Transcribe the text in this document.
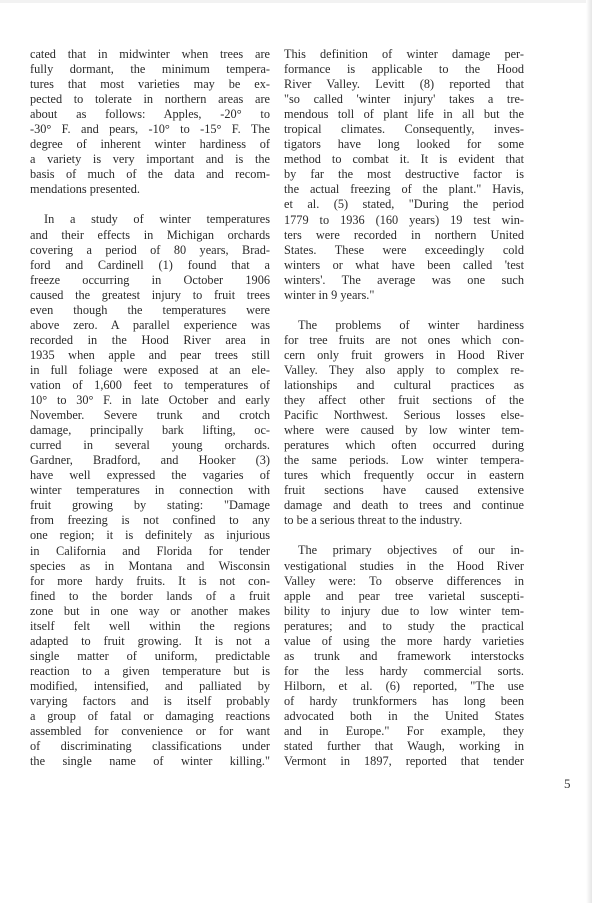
cated that in midwinter when trees are
fully dormant, the minimum tempera-
tures that most varieties may be ex-
pected to tolerate in northern areas are
about as follows: Apples, -20° to
-30° F. and pears, -10° to -15° F. The
degree of inherent winter hardiness of
a variety is very important and is the
basis of much of the data and recom-
mendations presented.
In a study of winter temperatures
and their effects in Michigan orchards
covering a period of 80 years, Brad-
ford and Cardinell (1) found that a
freeze occurring in October 1906
caused the greatest injury to fruit trees
even though the temperatures were
above zero. A parallel experience was
recorded in the Hood River area in
1935 when apple and pear trees still
in full foliage were exposed at an ele-
vation of 1,600 feet to temperatures of
10° to 30° F. in late October and early
November. Severe trunk and crotch
damage, principally bark lifting, oc-
curred in several young orchards.
Gardner, Bradford, and Hooker (3)
have well expressed the vagaries of
winter temperatures in connection with
fruit growing by stating: "Damage
from freezing is not confined to any
one region; it is definitely as injurious
in California and Florida for tender
species as in Montana and Wisconsin
for more hardy fruits. It is not con-
fined to the border lands of a fruit
zone but in one way or another makes
itself felt well within the regions
adapted to fruit growing. It is not a
single matter of uniform, predictable
reaction to a given temperature but is
modified, intensified, and palliated by
varying factors and is itself probably
a group of fatal or damaging reactions
assembled for convenience or for want
of discriminating classifications under
the single name of winter killing."
This definition of winter damage per-
formance is applicable to the Hood
River Valley. Levitt (8) reported that
"so called 'winter injury' takes a tre-
mendous toll of plant life in all but the
tropical climates. Consequently, inves-
tigators have long looked for some
method to combat it. It is evident that
by far the most destructive factor is
the actual freezing of the plant." Havis,
et al. (5) stated, "During the period
1779 to 1936 (160 years) 19 test win-
ters were recorded in northern United
States. These were exceedingly cold
winters or what have been called 'test
winters'. The average was one such
winter in 9 years."
The problems of winter hardiness
for tree fruits are not ones which con-
cern only fruit growers in Hood River
Valley. They also apply to complex re-
lationships and cultural practices as
they affect other fruit sections of the
Pacific Northwest. Serious losses else-
where were caused by low winter tem-
peratures which often occurred during
the same periods. Low winter tempera-
tures which frequently occur in eastern
fruit sections have caused extensive
damage and death to trees and continue
to be a serious threat to the industry.
The primary objectives of our in-
vestigational studies in the Hood River
Valley were: To observe differences in
apple and pear tree varietal suscepti-
bility to injury due to low winter tem-
peratures; and to study the practical
value of using the more hardy varieties
as trunk and framework interstocks
for the less hardy commercial sorts.
Hilborn, et al. (6) reported, "The use
of hardy trunkformers has long been
advocated both in the United States
and in Europe." For example, they
stated further that Waugh, working in
Vermont in 1897, reported that tender
5
